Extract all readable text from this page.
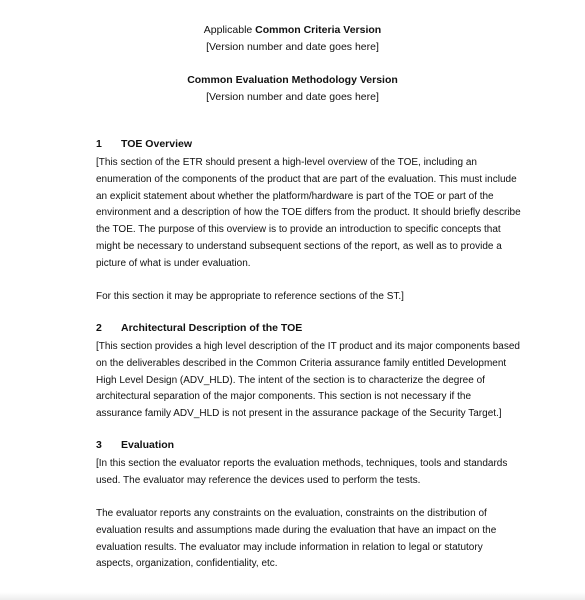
Applicable Common Criteria Version
[Version number and date goes here]
Common Evaluation Methodology Version
[Version number and date goes here]
1 TOE Overview
[This section of the ETR should present a high-level overview of the TOE, including an
enumeration of the components of the product that are part of the evaluation. This must include
an explicit statement about whether the platform/hardware is part of the TOE or part of the
environment and a description of how the TOE differs from the product. It should briefly describe
the TOE. The purpose of this overview is to provide an introduction to specific concepts that
might be necessary to understand subsequent sections of the report, as well as to provide a
picture of what is under evaluation.
For this section it may be appropriate to reference sections of the ST.]
2 Architectural Description of the TOE
[This section provides a high level description of the IT product and its major components based
on the deliverables described in the Common Criteria assurance family entitled Development
High Level Design (ADV_HLD). The intent of the section is to characterize the degree of
architectural separation of the major components. This section is not necessary if the
assurance family ADV_HLD is not present in the assurance package of the Security Target.]
3 Evaluation
[In this section the evaluator reports the evaluation methods, techniques, tools and standards
used. The evaluator may reference the devices used to perform the tests.
The evaluator reports any constraints on the evaluation, constraints on the distribution of
evaluation results and assumptions made during the evaluation that have an impact on the
evaluation results. The evaluator may include information in relation to legal or statutory
aspects, organization, confidentiality, etc.
